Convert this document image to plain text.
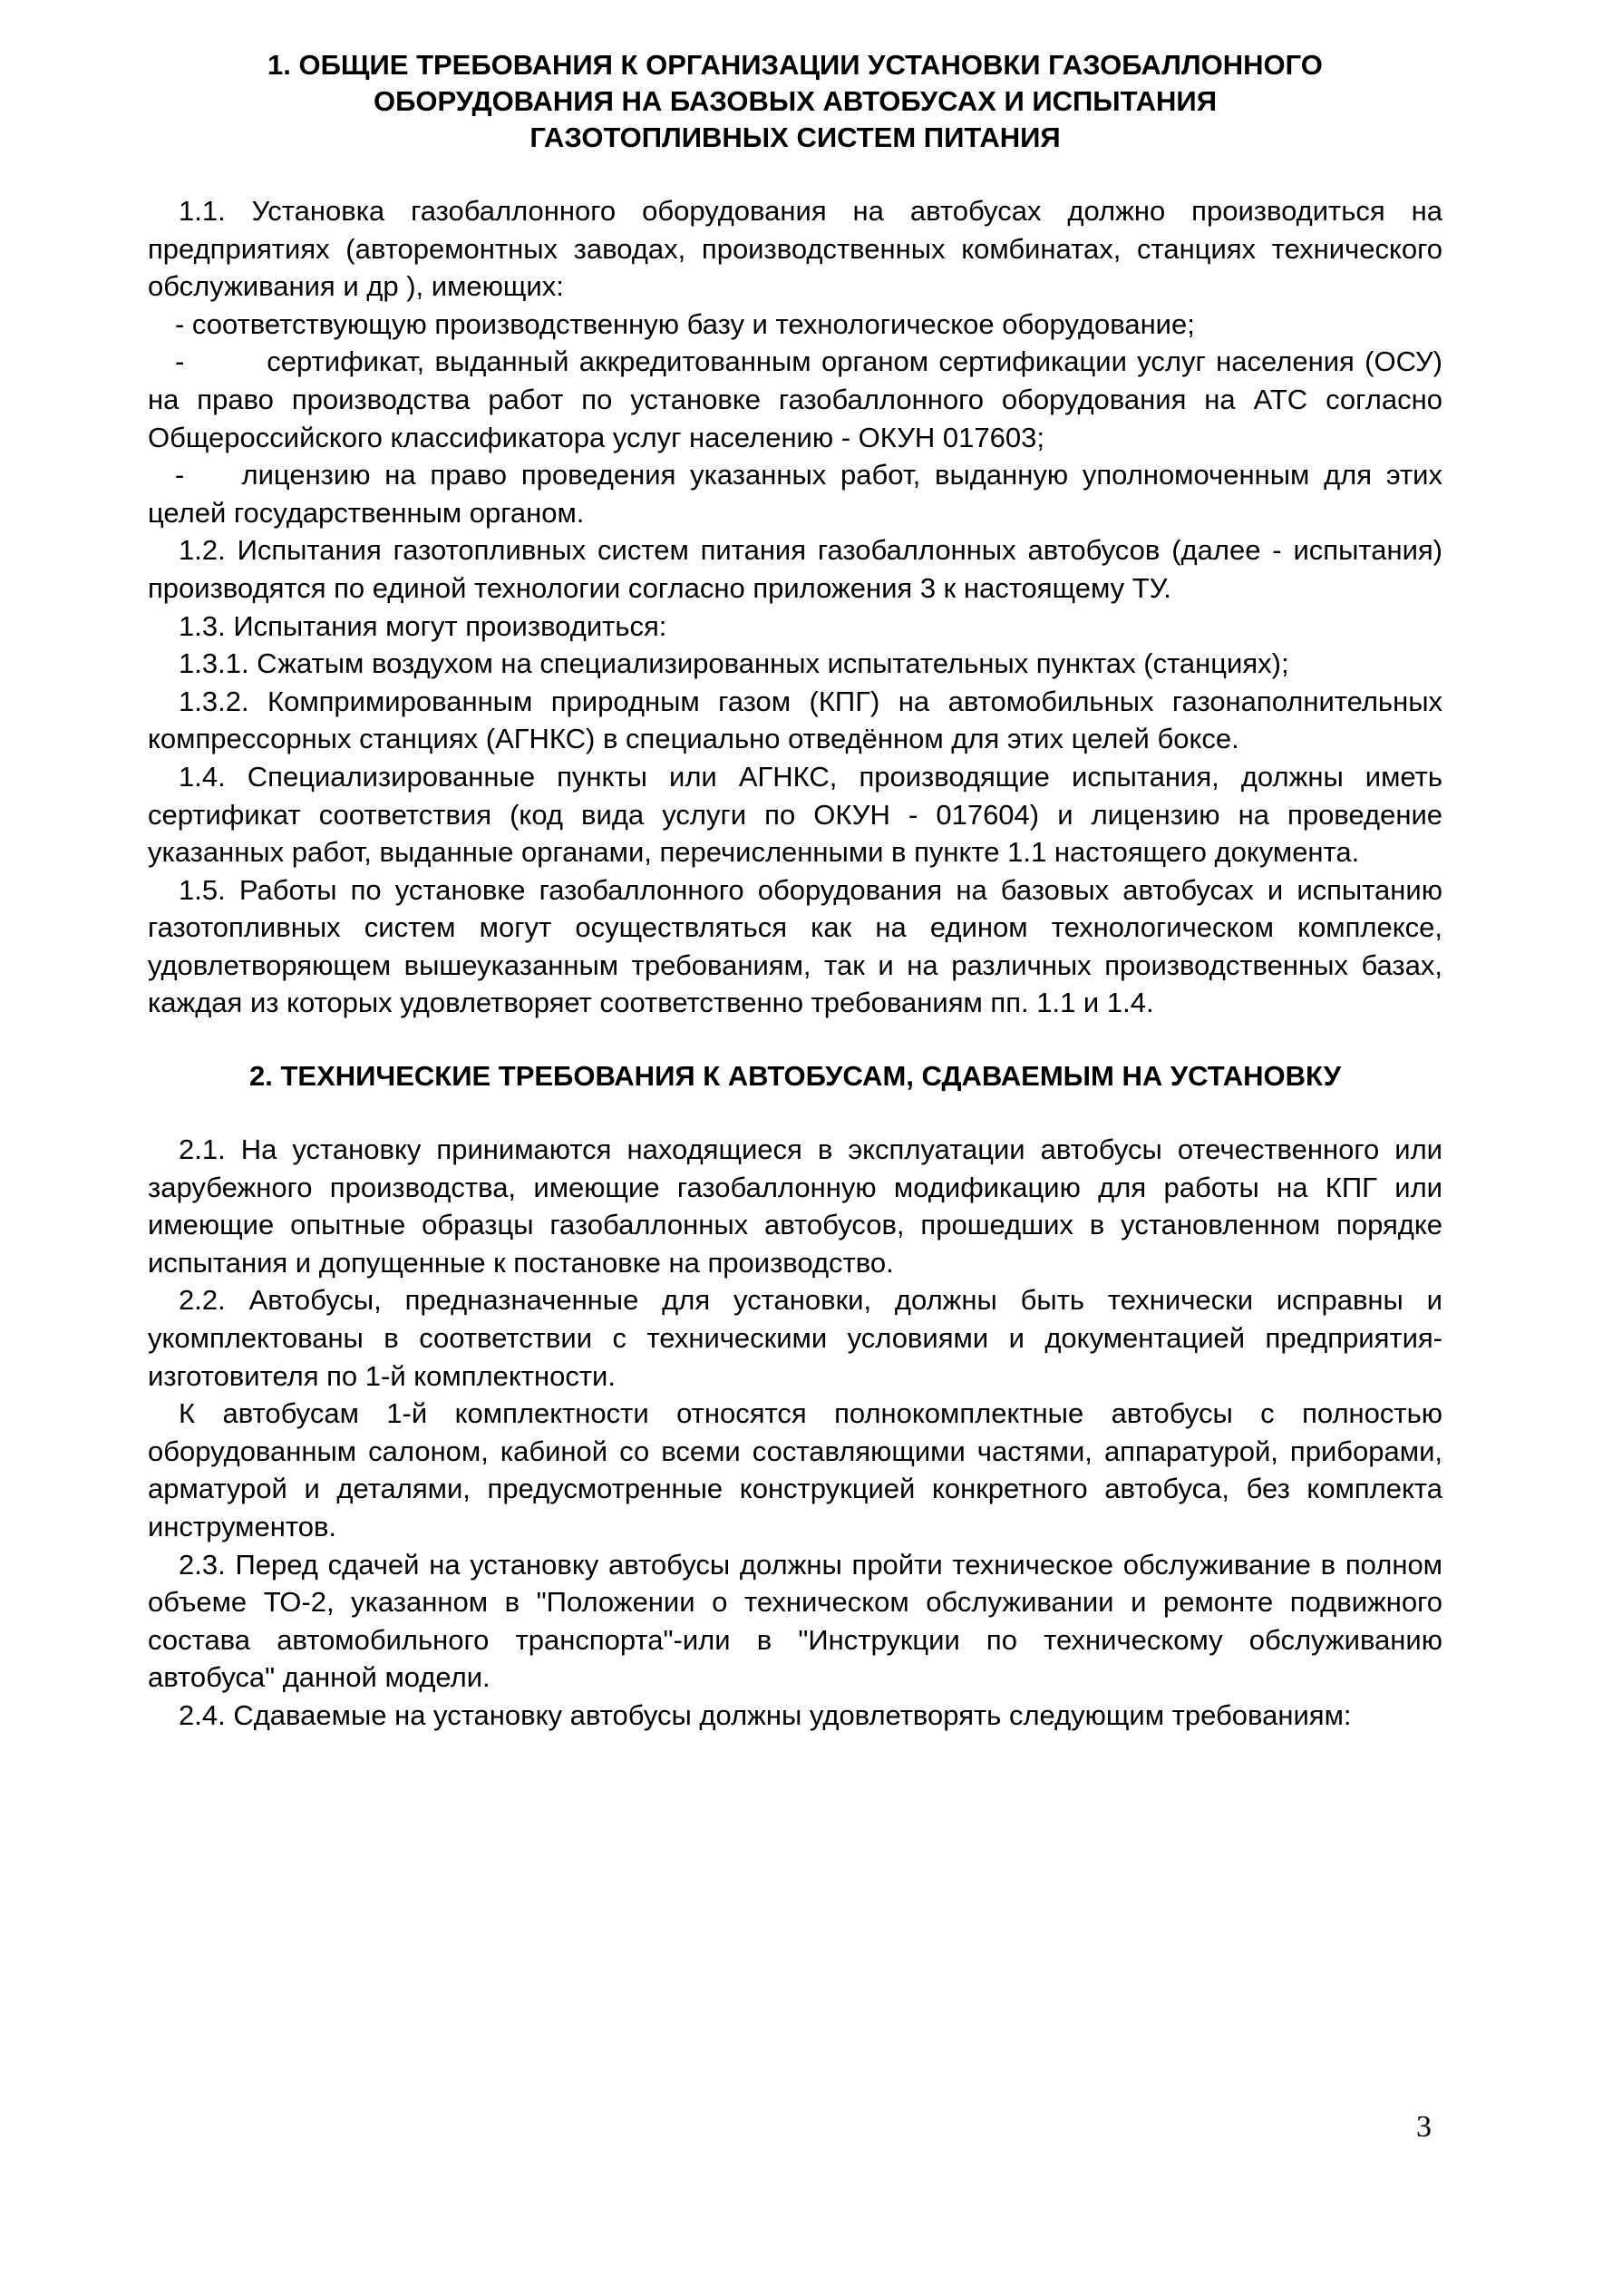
1. ОБЩИЕ ТРЕБОВАНИЯ К ОРГАНИЗАЦИИ УСТАНОВКИ ГАЗОБАЛЛОННОГО
ОБОРУДОВАНИЯ НА БАЗОВЫХ АВТОБУСАХ И ИСПЫТАНИЯ
ГАЗОТОПЛИВНЫХ СИСТЕМ ПИТАНИЯ

1.1. Установка газобаллонного оборудования на автобусах должно производиться на предприятиях (авторемонтных заводах, производственных комбинатах, станциях технического обслуживания и др ), имеющих:

- соответствующую производственную базу и технологическое оборудование;

-        сертификат, выданный аккредитованным органом сертификации услуг населения (ОСУ) на право производства работ по установке газобаллонного оборудования на АТС согласно Общероссийского классификатора услуг населению - ОКУН 017603;

-    лицензию на право проведения указанных работ, выданную уполномоченным для этих целей государственным органом.

1.2. Испытания газотопливных систем питания газобаллонных автобусов (далее - испытания) производятся по единой технологии согласно приложения 3 к настоящему ТУ.

1.3. Испытания могут производиться:

1.3.1. Сжатым воздухом на специализированных испытательных пунктах (станциях);

1.3.2. Компримированным природным газом (КПГ) на автомобильных газонаполнительных компрессорных станциях (АГНКС) в специально отведённом для этих целей боксе.

1.4. Специализированные пункты или АГНКС, производящие испытания, должны иметь сертификат соответствия (код вида услуги по ОКУН - 017604) и лицензию на проведение указанных работ, выданные органами, перечисленными в пункте 1.1 настоящего документа.

1.5. Работы по установке газобаллонного оборудования на базовых автобусах и испытанию газотопливных систем могут осуществляться как на едином технологическом комплексе, удовлетворяющем вышеуказанным требованиям, так и на различных производственных базах, каждая из которых удовлетворяет соответственно требованиям пп. 1.1 и 1.4.

2. ТЕХНИЧЕСКИЕ ТРЕБОВАНИЯ К АВТОБУСАМ, СДАВАЕМЫМ НА УСТАНОВКУ

2.1. На установку принимаются находящиеся в эксплуатации автобусы отечественного или зарубежного производства, имеющие газобаллонную модификацию для работы на КПГ или имеющие опытные образцы газобаллонных автобусов, прошедших в установленном порядке испытания и допущенные к постановке на производство.

2.2. Автобусы, предназначенные для установки, должны быть технически исправны и укомплектованы в соответствии с техническими условиями и документацией предприятия-изготовителя по 1-й комплектности.

К автобусам 1-й комплектности относятся полнокомплектные автобусы с полностью оборудованным салоном, кабиной со всеми составляющими частями, аппаратурой, приборами, арматурой и деталями, предусмотренные конструкцией конкретного автобуса, без комплекта инструментов.

2.3. Перед сдачей на установку автобусы должны пройти техническое обслуживание в полном объеме ТО-2, указанном в "Положении о техническом обслуживании и ремонте подвижного состава автомобильного транспорта"-или в "Инструкции по техническому обслуживанию автобуса" данной модели.

2.4. Сдаваемые на установку автобусы должны удовлетворять следующим требованиям:

3
